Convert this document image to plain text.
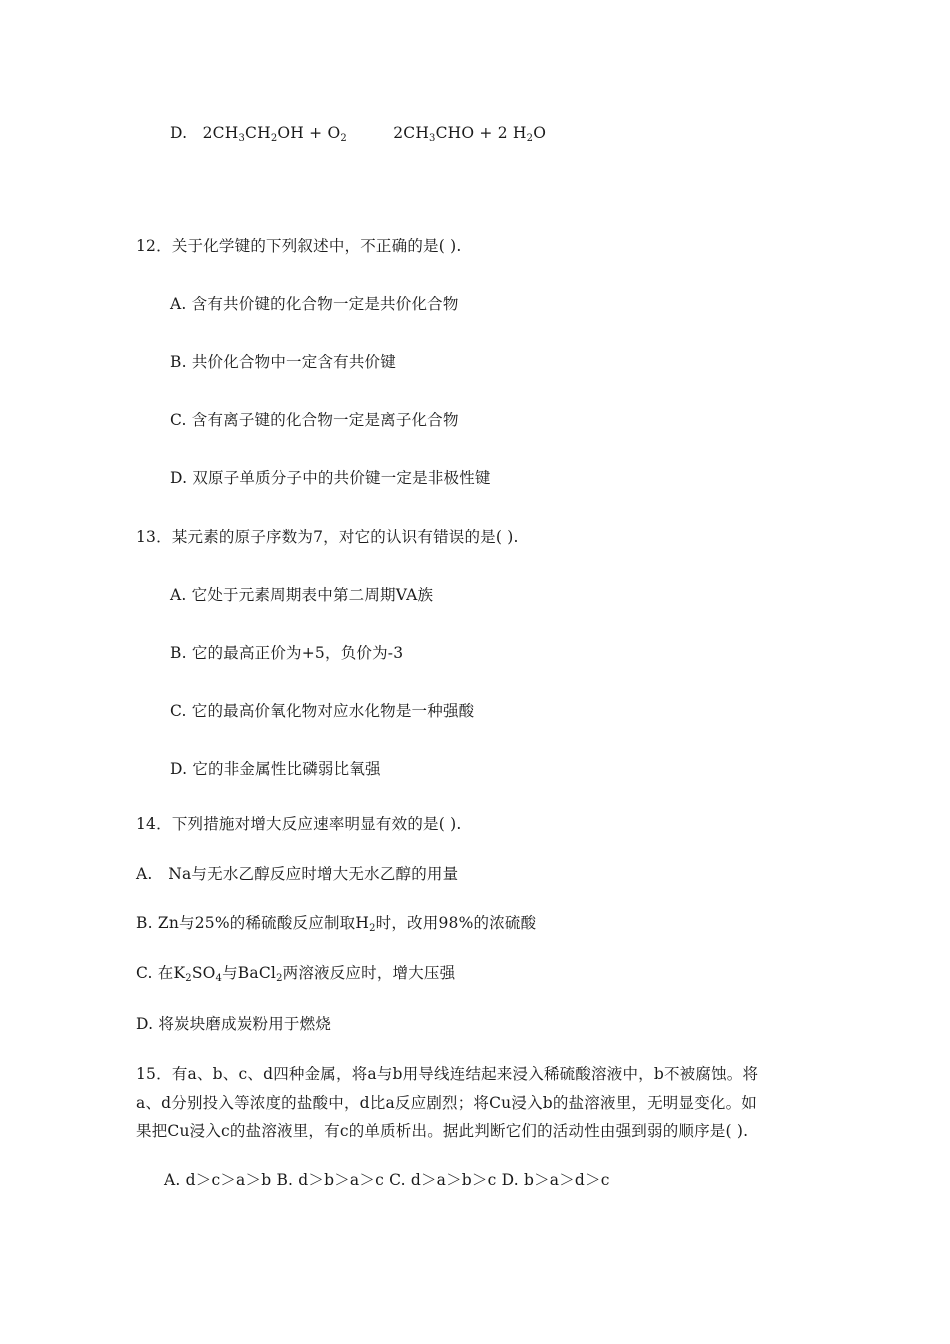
D. $2CH_3CH_2OH + O_2$	$2CH_3CHO + 2$ $H_2O$
12．关于化学键的下列叙述中，不正确的是( ).
A. 含有共价键的化合物一定是共价化合物
B. 共价化合物中一定含有共价键
C. 含有离子键的化合物一定是离子化合物
D. 双原子单质分子中的共价键一定是非极性键
13．某元素的原子序数为7，对它的认识有错误的是( ).
A. 它处于元素周期表中第二周期VA族
B. 它的最高正价为+5，负价为-3
C. 它的最高价氧化物对应水化物是一种强酸
D. 它的非金属性比磷弱比氧强
14．下列措施对增大反应速率明显有效的是( ).
A.　Na与无水乙醇反应时增大无水乙醇的用量
B. Zn与25%的稀硫酸反应制取$H_2$时，改用98%的浓硫酸
C. 在$K_2SO_4$与BaCl$_2$两溶液反应时，增大压强
D. 将炭块磨成炭粉用于燃烧
15．有a、b、c、d四种金属，将a与b用导线连结起来浸入稀硫酸溶液中，b不被腐蚀。将
a、d分别投入等浓度的盐酸中，d比a反应剧烈；将Cu浸入b的盐溶液里，无明显变化。如
果把Cu浸入c的盐溶液里，有c的单质析出。据此判断它们的活动性由强到弱的顺序是( ).
A. d＞c＞a＞b B. d＞b＞a＞c C. d＞a＞b＞c D. b＞a＞d＞c
